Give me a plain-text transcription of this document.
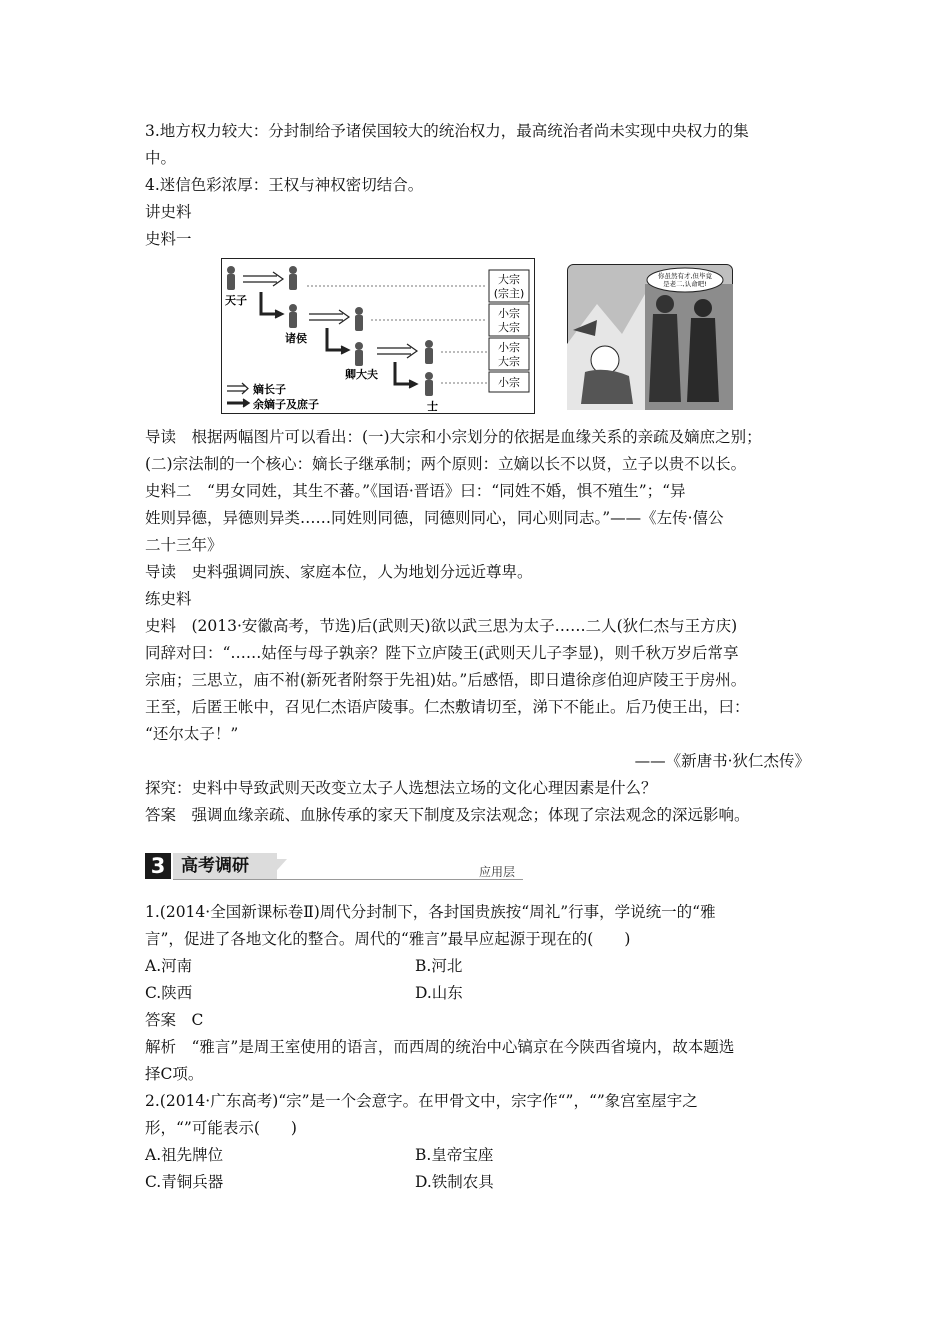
3.地方权力较大：分封制给予诸侯国较大的统治权力，最高统治者尚未实现中央权力的集

中。

4.迷信色彩浓厚：王权与神权密切结合。

讲史料

史料一

天子
诸侯
卿大夫
士
大宗
(宗主)
小宗
大宗
小宗
大宗
小宗
嫡长子
余嫡子及庶子
你虽然有才,但毕竟
是老二,认命吧!

导读　根据两幅图片可以看出：(一)大宗和小宗划分的依据是血缘关系的亲疏及嫡庶之别；

(二)宗法制的一个核心：嫡长子继承制；两个原则：立嫡以长不以贤，立子以贵不以长。

史料二　“男女同姓，其生不蕃。”《国语·晋语》曰：“同姓不婚，惧不殖生”；“异

姓则异德，异德则异类……同姓则同德，同德则同心，同心则同志。”——《左传·僖公

二十三年》

导读　史料强调同族、家庭本位，人为地划分远近尊卑。

练史料

史料　(2013·安徽高考，节选)后(武则天)欲以武三思为太子……二人(狄仁杰与王方庆)

同辞对曰：“……姑侄与母子孰亲？陛下立庐陵王(武则天儿子李显)，则千秋万岁后常享

宗庙；三思立，庙不祔(新死者附祭于先祖)姑。”后感悟，即日遣徐彦伯迎庐陵王于房州。

王至，后匿王帐中，召见仁杰语庐陵事。仁杰敷请切至，涕下不能止。后乃使王出，曰：

“还尔太子！”

——《新唐书·狄仁杰传》

探究：史料中导致武则天改变立太子人选想法立场的文化心理因素是什么？

答案　强调血缘亲疏、血脉传承的家天下制度及宗法观念；体现了宗法观念的深远影响。

3 高考调研	应用层

1.(2014·全国新课标卷Ⅱ)周代分封制下，各封国贵族按“周礼”行事，学说统一的“雅

言”，促进了各地文化的整合。周代的“雅言”最早应起源于现在的(　　)

A.河南	B.河北
C.陕西	D.山东

答案　C

解析　“雅言”是周王室使用的语言，而西周的统治中心镐京在今陕西省境内，故本题选

择C项。

2.(2014·广东高考)“宗”是一个会意字。在甲骨文中，宗字作“”，“”象宫室屋宇之

形，“”可能表示(　　)

A.祖先牌位	B.皇帝宝座
C.青铜兵器	D.铁制农具
